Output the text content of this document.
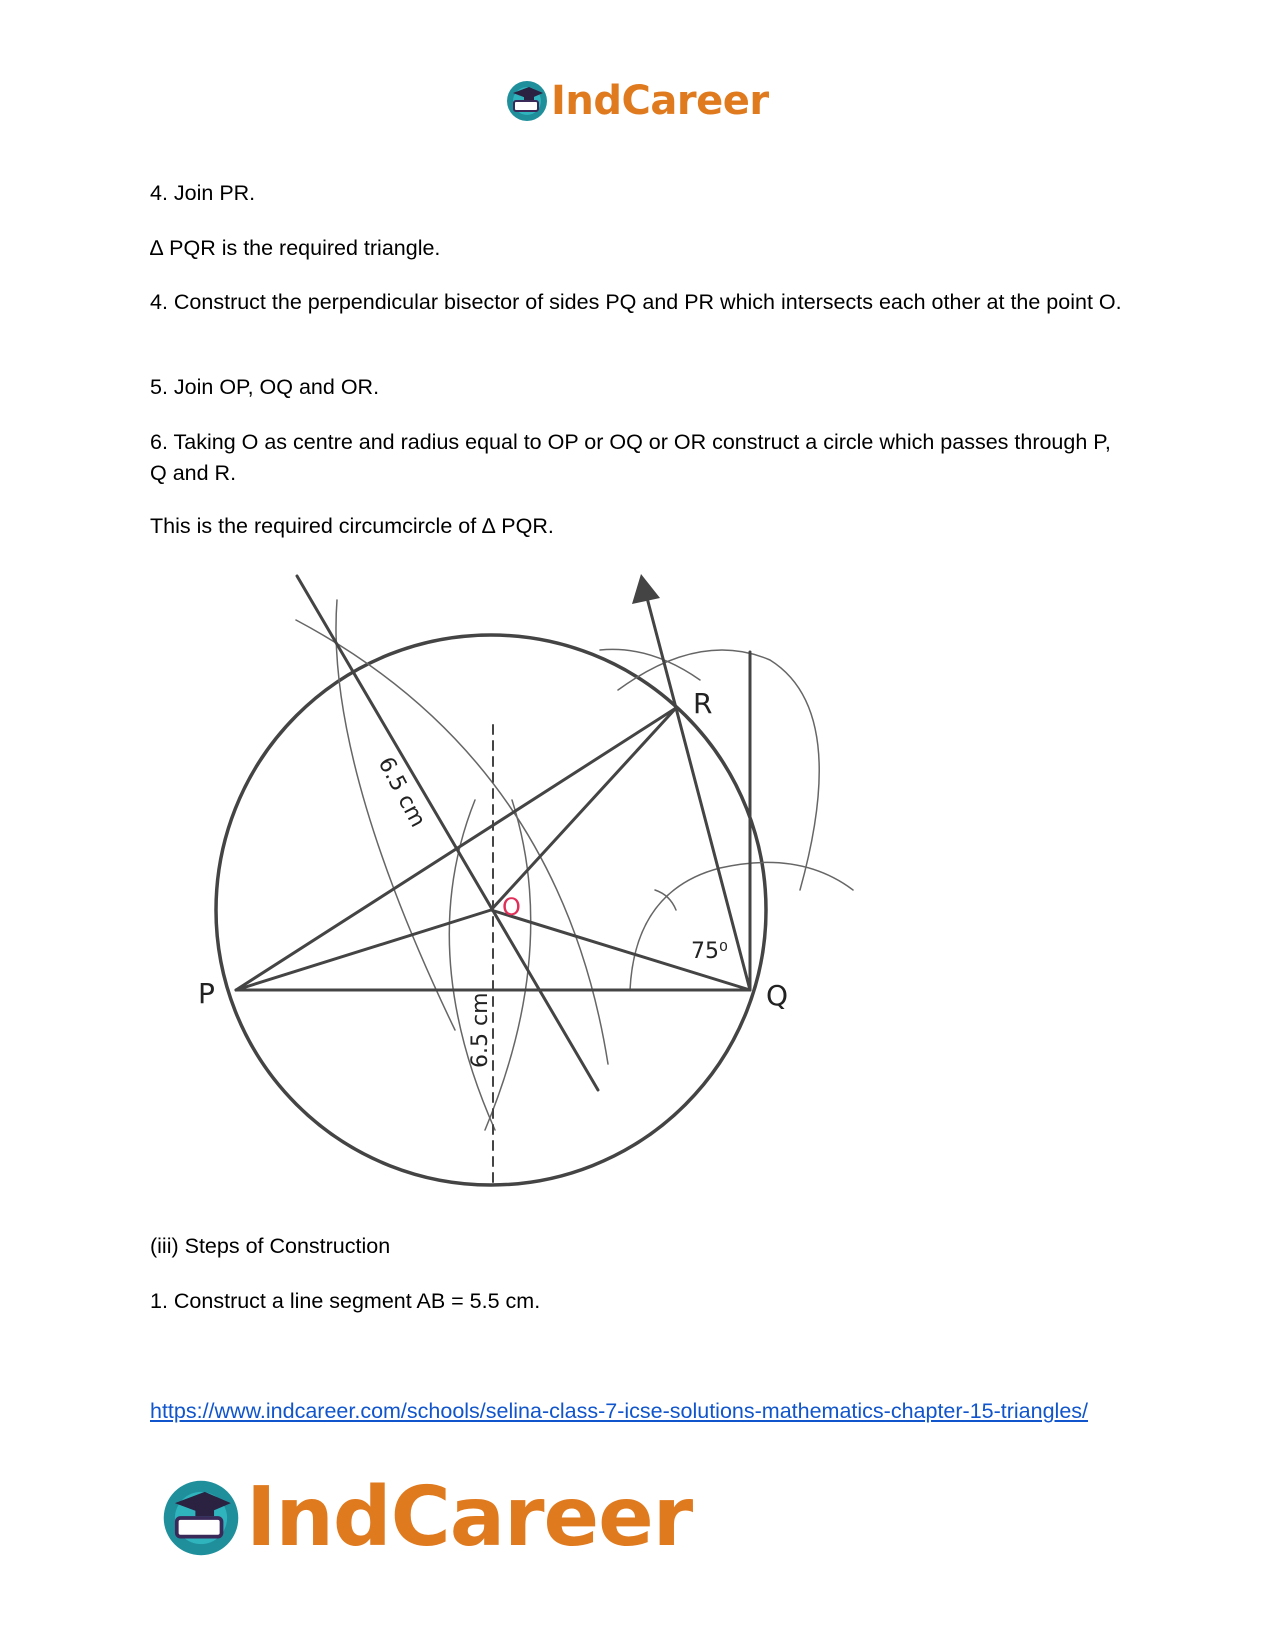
IndCareer

4. Join PR.

∆ PQR is the required triangle.

4. Construct the perpendicular bisector of sides PQ and PR which intersects each other at the point O.

5. Join OP, OQ and OR.

6. Taking O as centre and radius equal to OP or OQ or OR construct a circle which passes through P, Q and R.

This is the required circumcircle of ∆ PQR.

P	Q
R
O
75⁰
6.5 cm
6.5 cm

(iii) Steps of Construction

1. Construct a line segment AB = 5.5 cm.

https://www.indcareer.com/schools/selina-class-7-icse-solutions-mathematics-chapter-15-triangles/
IndCareer
